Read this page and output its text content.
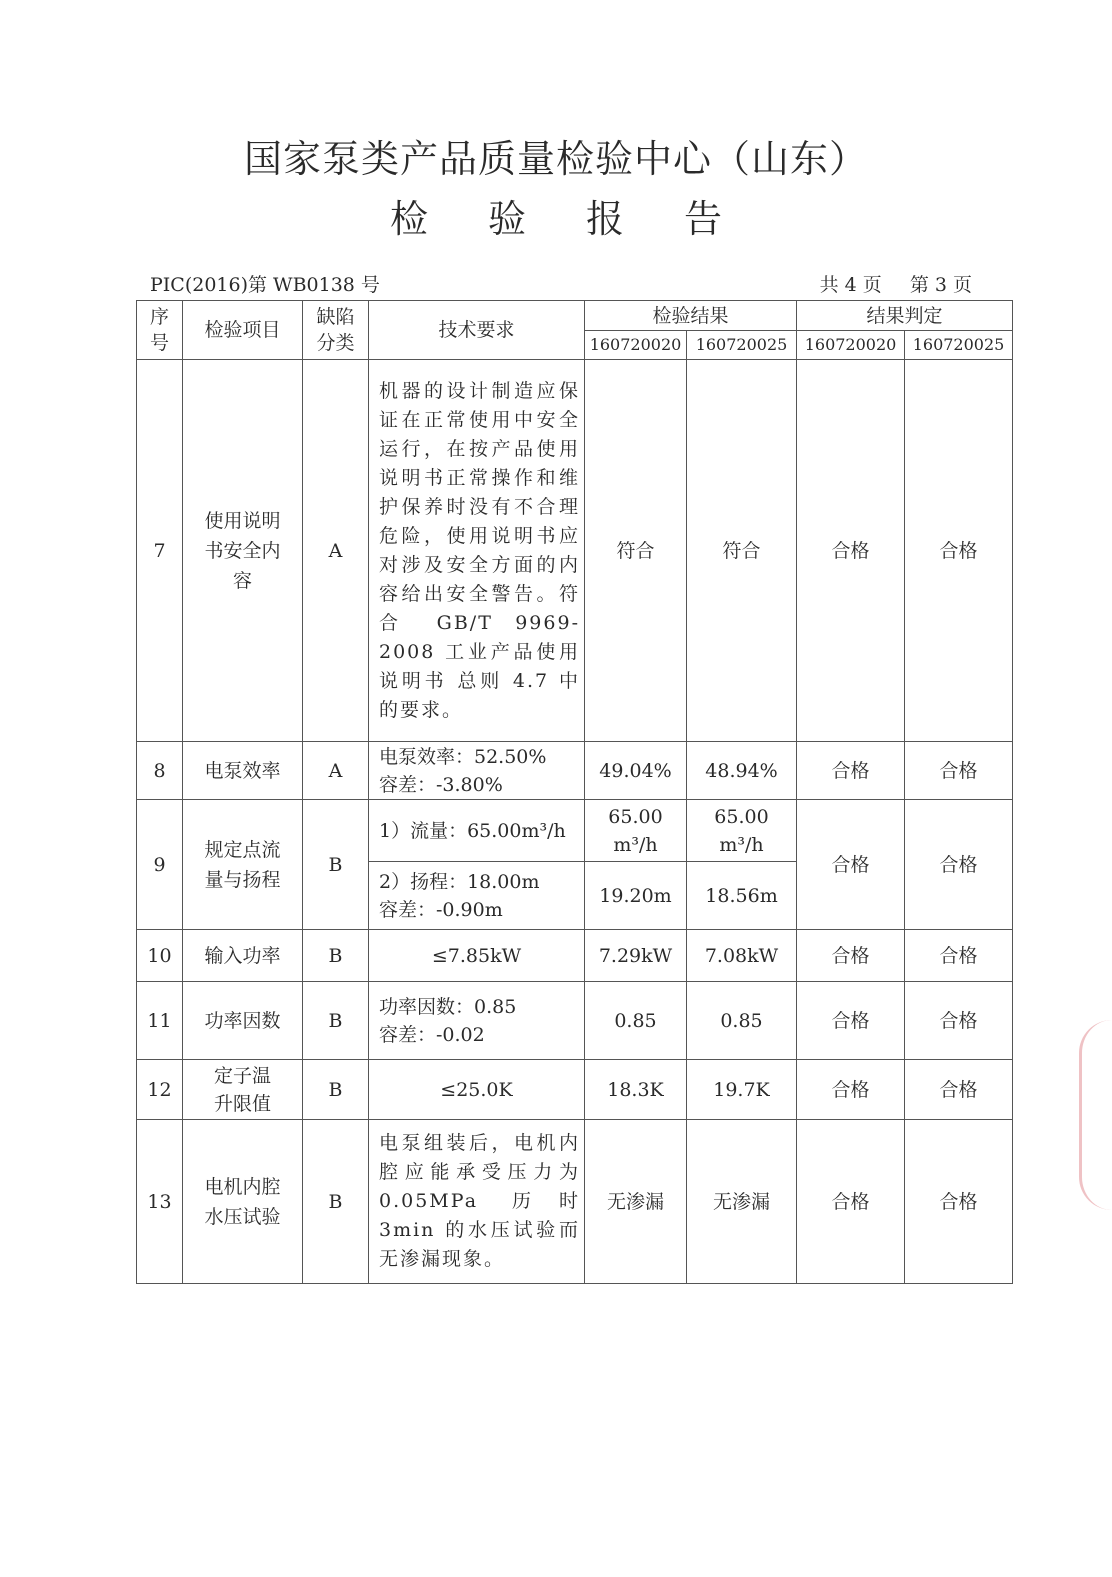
国家泵类产品质量检验中心（山东）
检 验 报 告
PIC(2016)第 WB0138 号	共 4 页 第 3 页
序号	检验项目	缺陷分类	技术要求	检验结果		结果判定	
				160720020	160720025	160720020	160720025
7	使用说明书安全内容	A	机器的设计制造应保证在正常使用中安全运行，在按产品使用说明书正常操作和维护保养时没有不合理危险，使用说明书应对涉及安全方面的内容给出安全警告。符合 GB/T 9969-2008 工业产品使用说明书 总则 4.7 中的要求。	符合	符合	合格	合格
8	电泵效率	A	电泵效率：52.50%
容差：-3.80%	49.04%	48.94%	合格	合格
9	规定点流量与扬程	B	1）流量：65.00m³/h	65.00 m³/h	65.00 m³/h	合格	合格

			2）扬程：18.00m
容差：-0.90m	19.20m	18.56m		
10	输入功率	B	≤7.85kW	7.29kW	7.08kW	合格	合格
11	功率因数	B	功率因数：0.85
容差：-0.02	0.85	0.85	合格	合格
12	定子温升限值	B	≤25.0K	18.3K	19.7K	合格	合格
13	电机内腔水压试验	B	电泵组装后，电机内腔应能承受压力为 0.05MPa 历时 3min 的水压试验而无渗漏现象。	无渗漏	无渗漏	合格	合格
